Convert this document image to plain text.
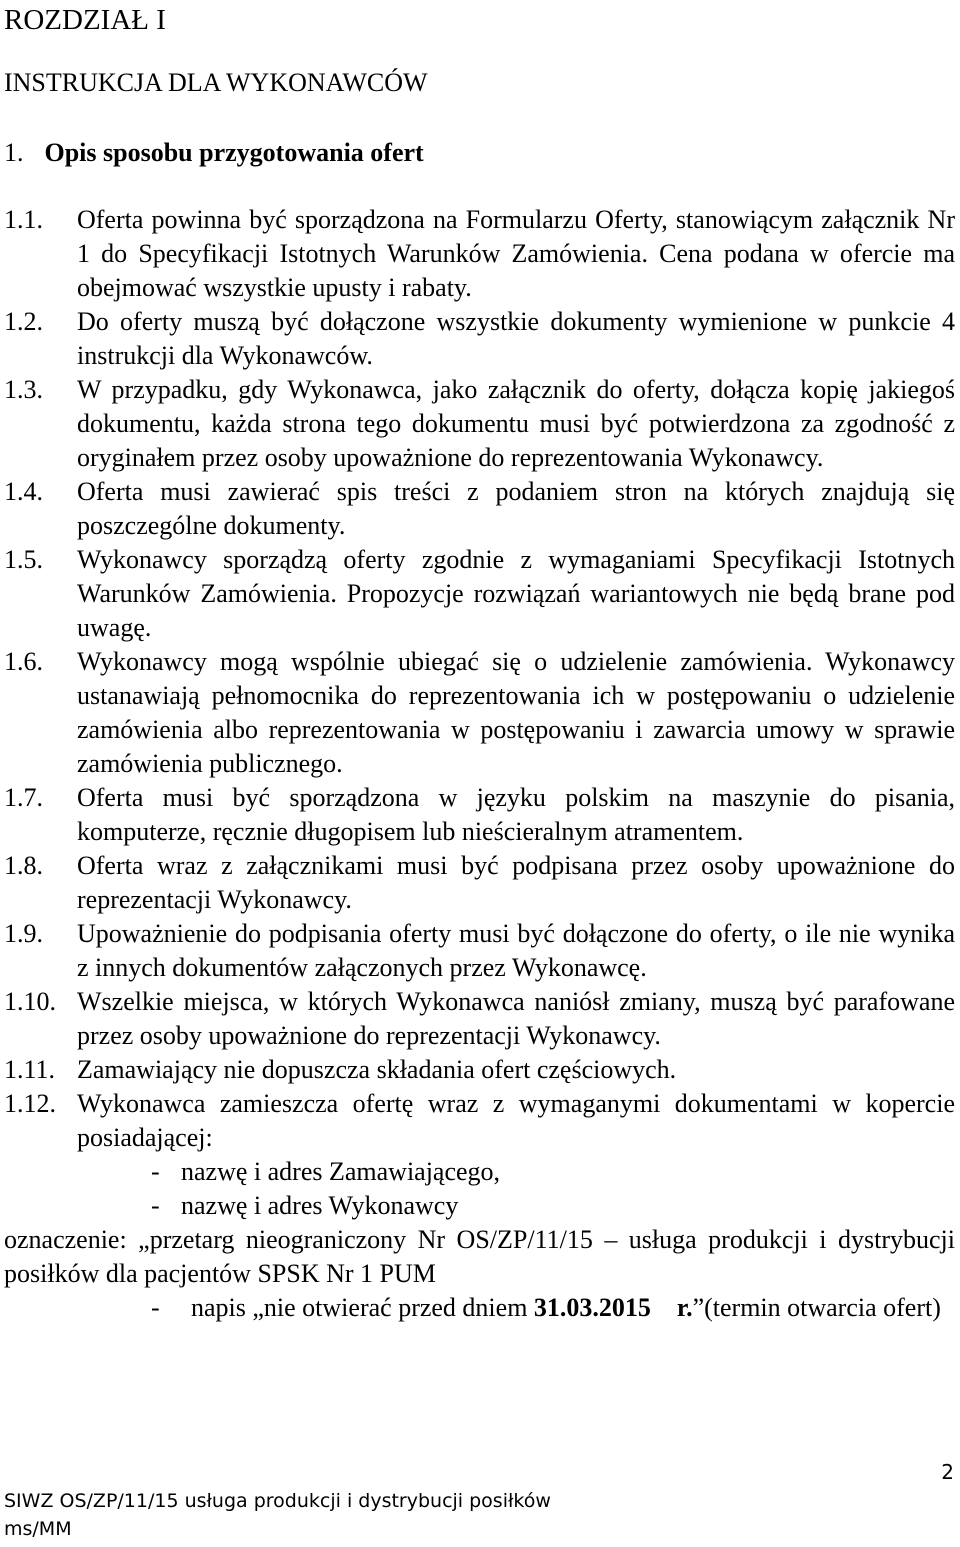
ROZDZIAŁ I
INSTRUKCJA DLA WYKONAWCÓW
1. Opis sposobu przygotowania ofert
1.1.	Oferta powinna być sporządzona na Formularzu Oferty, stanowiącym załącznik Nr 1 do Specyfikacji Istotnych Warunków Zamówienia. Cena podana w ofercie ma obejmować wszystkie upusty i rabaty.
1.2.	Do oferty muszą być dołączone wszystkie dokumenty wymienione w punkcie 4 instrukcji dla Wykonawców.
1.3.	W przypadku, gdy Wykonawca, jako załącznik do oferty, dołącza kopię jakiegoś dokumentu, każda strona tego dokumentu musi być potwierdzona za zgodność z oryginałem przez osoby upoważnione do reprezentowania Wykonawcy.
1.4.	Oferta musi zawierać spis treści z podaniem stron na których znajdują się poszczególne dokumenty.
1.5.	Wykonawcy sporządzą oferty zgodnie z wymaganiami Specyfikacji Istotnych Warunków Zamówienia. Propozycje rozwiązań wariantowych nie będą brane pod uwagę.
1.6.	Wykonawcy mogą wspólnie ubiegać się o udzielenie zamówienia. Wykonawcy ustanawiają pełnomocnika do reprezentowania ich w postępowaniu o udzielenie zamówienia albo reprezentowania w postępowaniu i zawarcia umowy w sprawie zamówienia publicznego.
1.7.	Oferta musi być sporządzona w języku polskim na maszynie do pisania, komputerze, ręcznie długopisem lub nieścieralnym atramentem.
1.8.	Oferta wraz z załącznikami musi być podpisana przez osoby upoważnione do reprezentacji Wykonawcy.
1.9.	Upoważnienie do podpisania oferty musi być dołączone do oferty, o ile nie wynika z innych dokumentów załączonych przez Wykonawcę.
1.10. Wszelkie miejsca, w których Wykonawca naniósł zmiany, muszą być parafowane przez osoby upoważnione do reprezentacji Wykonawcy.
1.11. Zamawiający nie dopuszcza składania ofert częściowych.
1.12. Wykonawca zamieszcza ofertę wraz z wymaganymi dokumentami w kopercie posiadającej:
- nazwę i adres Zamawiającego,
- nazwę i adres Wykonawcy
oznaczenie: „przetarg nieograniczony Nr OS/ZP/11/15 – usługa produkcji i dystrybucji posiłków dla pacjentów SPSK Nr 1 PUM
-	napis „nie otwierać przed dniem 31.03.2015 r.”(termin otwarcia ofert)
2
SIWZ OS/ZP/11/15 usługa produkcji i dystrybucji posiłków
ms/MM
